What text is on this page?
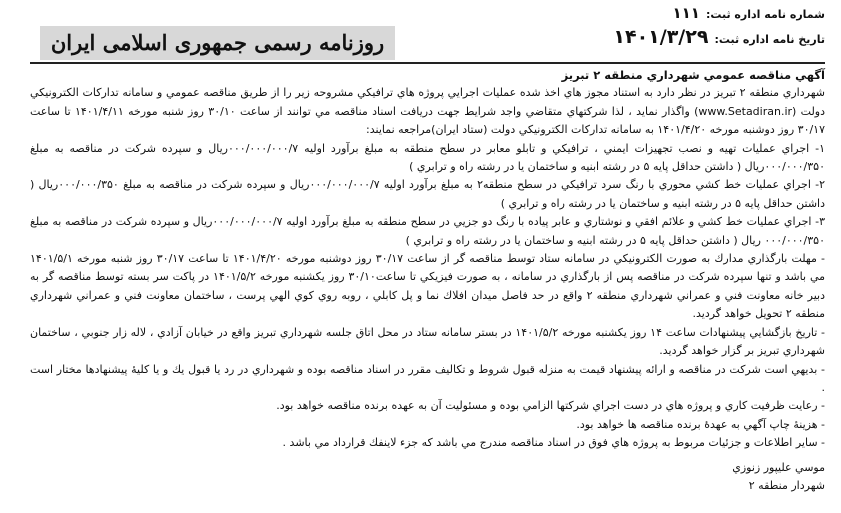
شماره نامه اداره ثبت:
۱۱۱
تاریخ نامه اداره ثبت:
۱۴۰۱/۳/۲۹
روزنامه رسمی جمهوری اسلامی ایران
آگهي مناقصه عمومي شهرداري منطقه ۲ تبريز
شهرداري منطقه ۲ تبريز در نظر دارد به استناد مجوز هاي اخذ شده عمليات اجرايي پروژه هاي ترافيكي مشروحه زير را از طريق مناقصه عمومي و سامانه تداركات الكترونيكي دولت (www.Setadiran.ir) واگذار نمايد ، لذا شركتهاي متقاضي واجد شرايط جهت دريافت اسناد مناقصه مي توانند از ساعت ۳۰/۱۰ روز شنبه مورخه ۱۴۰۱/۴/۱۱ تا ساعت ۳۰/۱۷ روز دوشنبه مورخه ۱۴۰۱/۴/۲۰ به سامانه تداركات الكترونيكي دولت (ستاد ايران)مراجعه نمايند:
۱- اجراي عمليات تهيه و نصب تجهيزات ايمني ، ترافيكي و تابلو معابر در سطح منطقه به مبلغ برآورد اوليه ۰۰۰/۰۰۰/۰۰۰/۷ريال و سپرده شركت در مناقصه به مبلغ ۰۰۰/۰۰۰/۳۵۰ريال ( داشتن حداقل پايه ۵ در رشته ابنيه و ساختمان يا در رشته راه و ترابري )
۲- اجراي عمليات خط كشي محوري با رنگ سرد ترافيكي در سطح منطقه۲ به مبلغ برآورد اوليه ۰۰۰/۰۰۰/۰۰۰/۷ريال و سپرده شركت در مناقصه به مبلغ ۰۰۰/۰۰۰/۳۵۰ريال ( داشتن حداقل پايه ۵ در رشته ابنيه و ساختمان يا در رشته راه و ترابري )
۳- اجراي عمليات خط كشي و علائم افقي و نوشتاري و عابر پياده با رنگ دو جزيي در سطح منطقه به مبلغ برآورد اوليه ۰۰۰/۰۰۰/۰۰۰/۷ريال و سپرده شركت در مناقصه به مبلغ ۰۰۰/۰۰۰/۳۵۰ ريال ( داشتن حداقل پايه ۵ در رشته ابنيه و ساختمان يا در رشته راه و ترابري )
- مهلت بارگذاري مدارك به صورت الكترونيكي در سامانه ستاد توسط مناقصه گر از ساعت ۳۰/۱۷ روز دوشنبه مورخه ۱۴۰۱/۴/۲۰ تا ساعت ۳۰/۱۷ روز شنبه مورخه ۱۴۰۱/۵/۱ مي باشد و تنها سپرده شركت در مناقصه پس از بارگذاري در سامانه ، به صورت فيزيكي تا ساعت۳۰/۱۰ روز يكشنبه مورخه ۱۴۰۱/۵/۲ در پاكت سر بسته توسط مناقصه گر به دبير خانه معاونت فني و عمراني شهرداري منطقه ۲ واقع در حد فاصل ميدان افلاك نما و پل كابلي ، روبه روي كوي الهي پرست ، ساختمان معاونت فني و عمراني شهرداري منطقه ۲ تحويل خواهد گرديد.
- تاريخ بازگشايي پيشنهادات ساعت ۱۴ روز يكشنبه مورخه ۱۴۰۱/۵/۲ در بستر سامانه ستاد در محل اتاق جلسه شهرداري تبريز واقع در خيابان آزادي ، لاله زار جنوبي ، ساختمان شهرداري تبريز بر گزار خواهد گرديد.
- بديهي است شركت در مناقصه و ارائه پيشنهاد قيمت به منزله قبول شروط و تكاليف مقرر در اسناد مناقصه بوده و شهرداري در رد يا قبول يك و يا كليۀ پيشنهادها مختار است .
- رعايت ظرفيت كاري و پروژه هاي در دست اجراي شركتها الزامي بوده و مسئوليت آن به عهده برنده مناقصه خواهد بود.
- هزينۀ چاپ آگهي به عهدۀ برنده مناقصه ها خواهد بود.
- ساير اطلاعات و جزئيات مربوط به پروژه هاي فوق در اسناد مناقصه مندرج مي باشد كه جزء لاينفك قرارداد مي باشد .
موسي عليپور زنوزي
شهردار منطقه ۲
